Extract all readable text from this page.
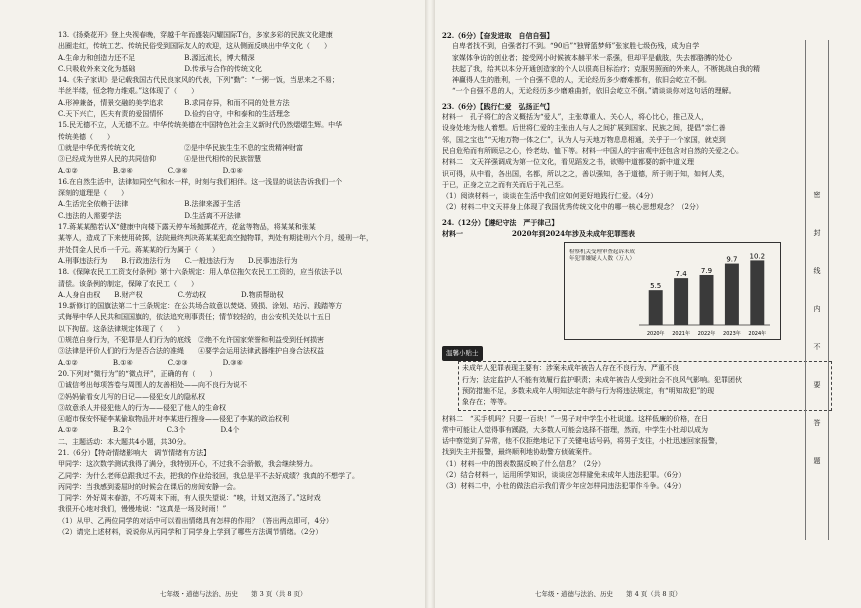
13.《扬桑花开》登上央视春晚，穿越千年而盛装闪耀国际T台，多家多彩的民族文化建康
出圈走红，传统工艺、传统民俗受到国际友人的欢迎，这从侧面反映出中华文化（　　）
A.生命力和创造力还不足　　　　　　　B.源远流长，博大精深
C.只吸收外来文化为基础　　　　　　　D.传承与合作的传统文化
14.《朱子家训》是记载我国古代民良家风的代表，下列“勤”：“一粥一饭，当思来之不易；
半丝半缕，恒念物力维艰。”这体现了（　　）
A.形神兼备，情景交融的美学追求　　　B.求同存异，和而不同的处世方法
C.天下兴亡，匹夫有责的爱国情怀　　　D.俭约自守，中和泰和的生活理念
15.民无德不立，人无德不立。中华传统美德在中国特色社会主义新时代仍然熠熠生辉。中华
传统美德（　　）
①就是中华优秀传统文化　　　　　　　②是中华民族生生不息的宝贵精神财富
③已经成为世界人民的共同信仰　　　　④是世代相传的民族智慧
A.①②　　　　　B.②④　　　　　C.③④　　　　　D.①④
16.在自然生活中，法律如同空气和水一样，时刻与我们相伴。这一浅显的说法告诉我们一个
深刻的道理是（　　）
A.生活完全依赖于法律　　　　　　　　B.法律来源于生活
C.违法的人需要学法　　　　　　　　　D.生活离不开法律
17.蒋某某酷若认X“健康中向楼下露天停车场抛掷花卉，花盆等物品，将某某和张某
某等人，造成了下来使用砖掷，法院最终判决蒋某某犯高空抛物罪，判处有期徒刑六个月，缓刑一年，
并处罚金人民币一千元。蒋某某的行为属于（　　）
A.刑事违法行为　　B.行政违法行为　　C.一般违法行为　　D.民事违法行为
18.《保障农民工工资支付条例》第十六条规定：用人单位拖欠农民工工资的，应当依法予以
清偿。该条例的制定，保障了农民工（　　）
A.人身自由权　　B.财产权　　　　　C.劳动权　　　　　D.物质帮助权
19.新修订的国旗法第二十三条规定：在公共场合故意以焚烧、毁损、涂划、玷污、践踏等方
式侮辱中华人民共和国国旗的，依法追究刑事责任；情节较轻的，由公安机关处以十五日
以下拘留。这条法律规定体现了（　　）
①规范自身行为，不犯罪是人们行为的底线　②绝不允许国家荣誉和利益受到任何损害
③法律是评价人们的行为是否合法的准绳　　④要学会运用法律武器维护自身合法权益
A.①②　　　　　B.①④　　　　　C.②③　　　　　D.③④
20.下列对“微行为”的“微点评”，正确的有（　　）
①诚信考出每项答卷与周围人的友善相处——向不良行为说不
②妈妈偷看女儿写的日记——侵犯女儿的隐私权
③故意杀人并侵犯他人的行为——侵犯了他人的生命权
④超市保安怀疑李某偷取物品并对李某进行搜身——侵犯了李某的政治权利
A.①②　　　　　B.2个　　　　　C.3个　　　　　D.4个
二、主题活动：本大题共4小题，共30分。
21.（6分）【特奇情绪影响大　调节情绪有方法】
甲同学：这次数学测试我得了满分，我特别开心，不过我不会骄傲，我会继续努力。
乙同学：为什么老师总跟我过不去，把我的作业给驳回，我总是平不去好成绩？我真的不想学了。
丙同学：当我感到委屈时的时候会在课后的房间安静一会。
丁同学：外好周末春游，不巧周末下雨，有人很失望说：“唉，计划又泡汤了。”这时戏
我很开心地对我们，慢慢地说：“这真是一场及时雨！”
（1）从甲、乙两位同学的对话中可以看出情绪具有怎样的作用？（答出两点即可，4分）
（2）请完上述材料，说说你从丙同学和丁同学身上学到了哪些方法调节情绪。（2分）
七年级・道德与法治、历史　　第 3 页（共 8 页）
22.（6分）【奋发进取　自信自强】
自卑者找不到，自强者打不到。“90后”“独臂篮梦师”张家胜七级伤残，成为自学
家媒体争访的创业者；接受网小时候被本赫平米一系强，但却平是截肢，失去都胳膊的处心
扶起了我，给其以本分开通创造家的个人以很高目标治疗；克服男照面的外来人，不断挑战自我的精
神赢得人生的胜利，一个自强不息的人，无论经历多少磨难都有，依旧会屹立不倒。
“一个自强不息的人，无论经历多少磨难曲折，依旧会屹立不倒。”请谈谈你对这句话的理解。
23.（6分）【践行仁爱　弘扬正气】
材料一　孔子将仁的含义概括为“爱人”，主张尊重人、关心人，将心比心，推己及人，
设身处地为他人着想。后世将仁爱的主张由人与人之间扩展到国家、民族之间，提倡“亲仁善
邻，国之宝也”“天地万物一体之仁”，认为人与天地万物息息相通，关乎于一个家国，就克到
民自危殆而有所顾忌之心，怜老幼、恤下等。材料一中国人的宇宙观中还包含对自然的关爱之心。
材料二　文天祥强调成为第一位文化，看见蹈发之书，欲赐中道都要的新中道义理
识可得，从中看，各出国，名都，所以之之，善以强知，各于道德，所于则于知，如何人类，
于已，正身之立之而有关而后于礼己至。
（1）阅读材料一，谈谈在生活中我们应如何更好地践行仁爱。（4分）
（2）材料二中文天祥身上体现了我国优秀传统文化中的哪一核心思想观念？（2分）
24.（12分）【遵纪守法　严于律己】
材料一	2020年到2024年涉及未成年犯罪图表
检察机关受理审查起诉未成年犯罪嫌疑人人数（万人）
5.5
2020年
7.4
2021年
7.9
2022年
9.7
2023年
10.2
2024年
温馨小贴士
未成年人犯罪表现主要有：涉案未成年被告人存在不良行为、严重不良
行为；法定监护人不能有效履行监护职责；未成年被告人受到社会不良风气影响。犯罪团伙
预防措施不足，多数未成年人明知法定年龄与行为将违法规定，有“明知故犯”的现
象存在；等等。
材料二　“买手机吗？只要一百块！”一男子对中学生小杜说道。这样低廉的价格，在日
常中可能让人觉得事有蹊跷，大多数人可能会选择不搭理，然而，中学生小杜却以成为
话中察觉到了异常，他不仅拒绝地记下了关键电话号码，将男子支往，小杜迅速回家报警，
找到失主并报警，最终顺利地协助警方侦破案件。
（1）材料一中的图表数据反映了什么信息？（2分）
（2）结合材料一，运用所学知识，谈谈应怎样避免未成年人违法犯罪。（6分）
（3）材料二中，小杜的做法启示我们青少年应怎样同违法犯罪作斗争。（4分）
七年级・道德与法治、历史　　第 4 页（共 8 页）
密
封
线
内
不
要
答
题
